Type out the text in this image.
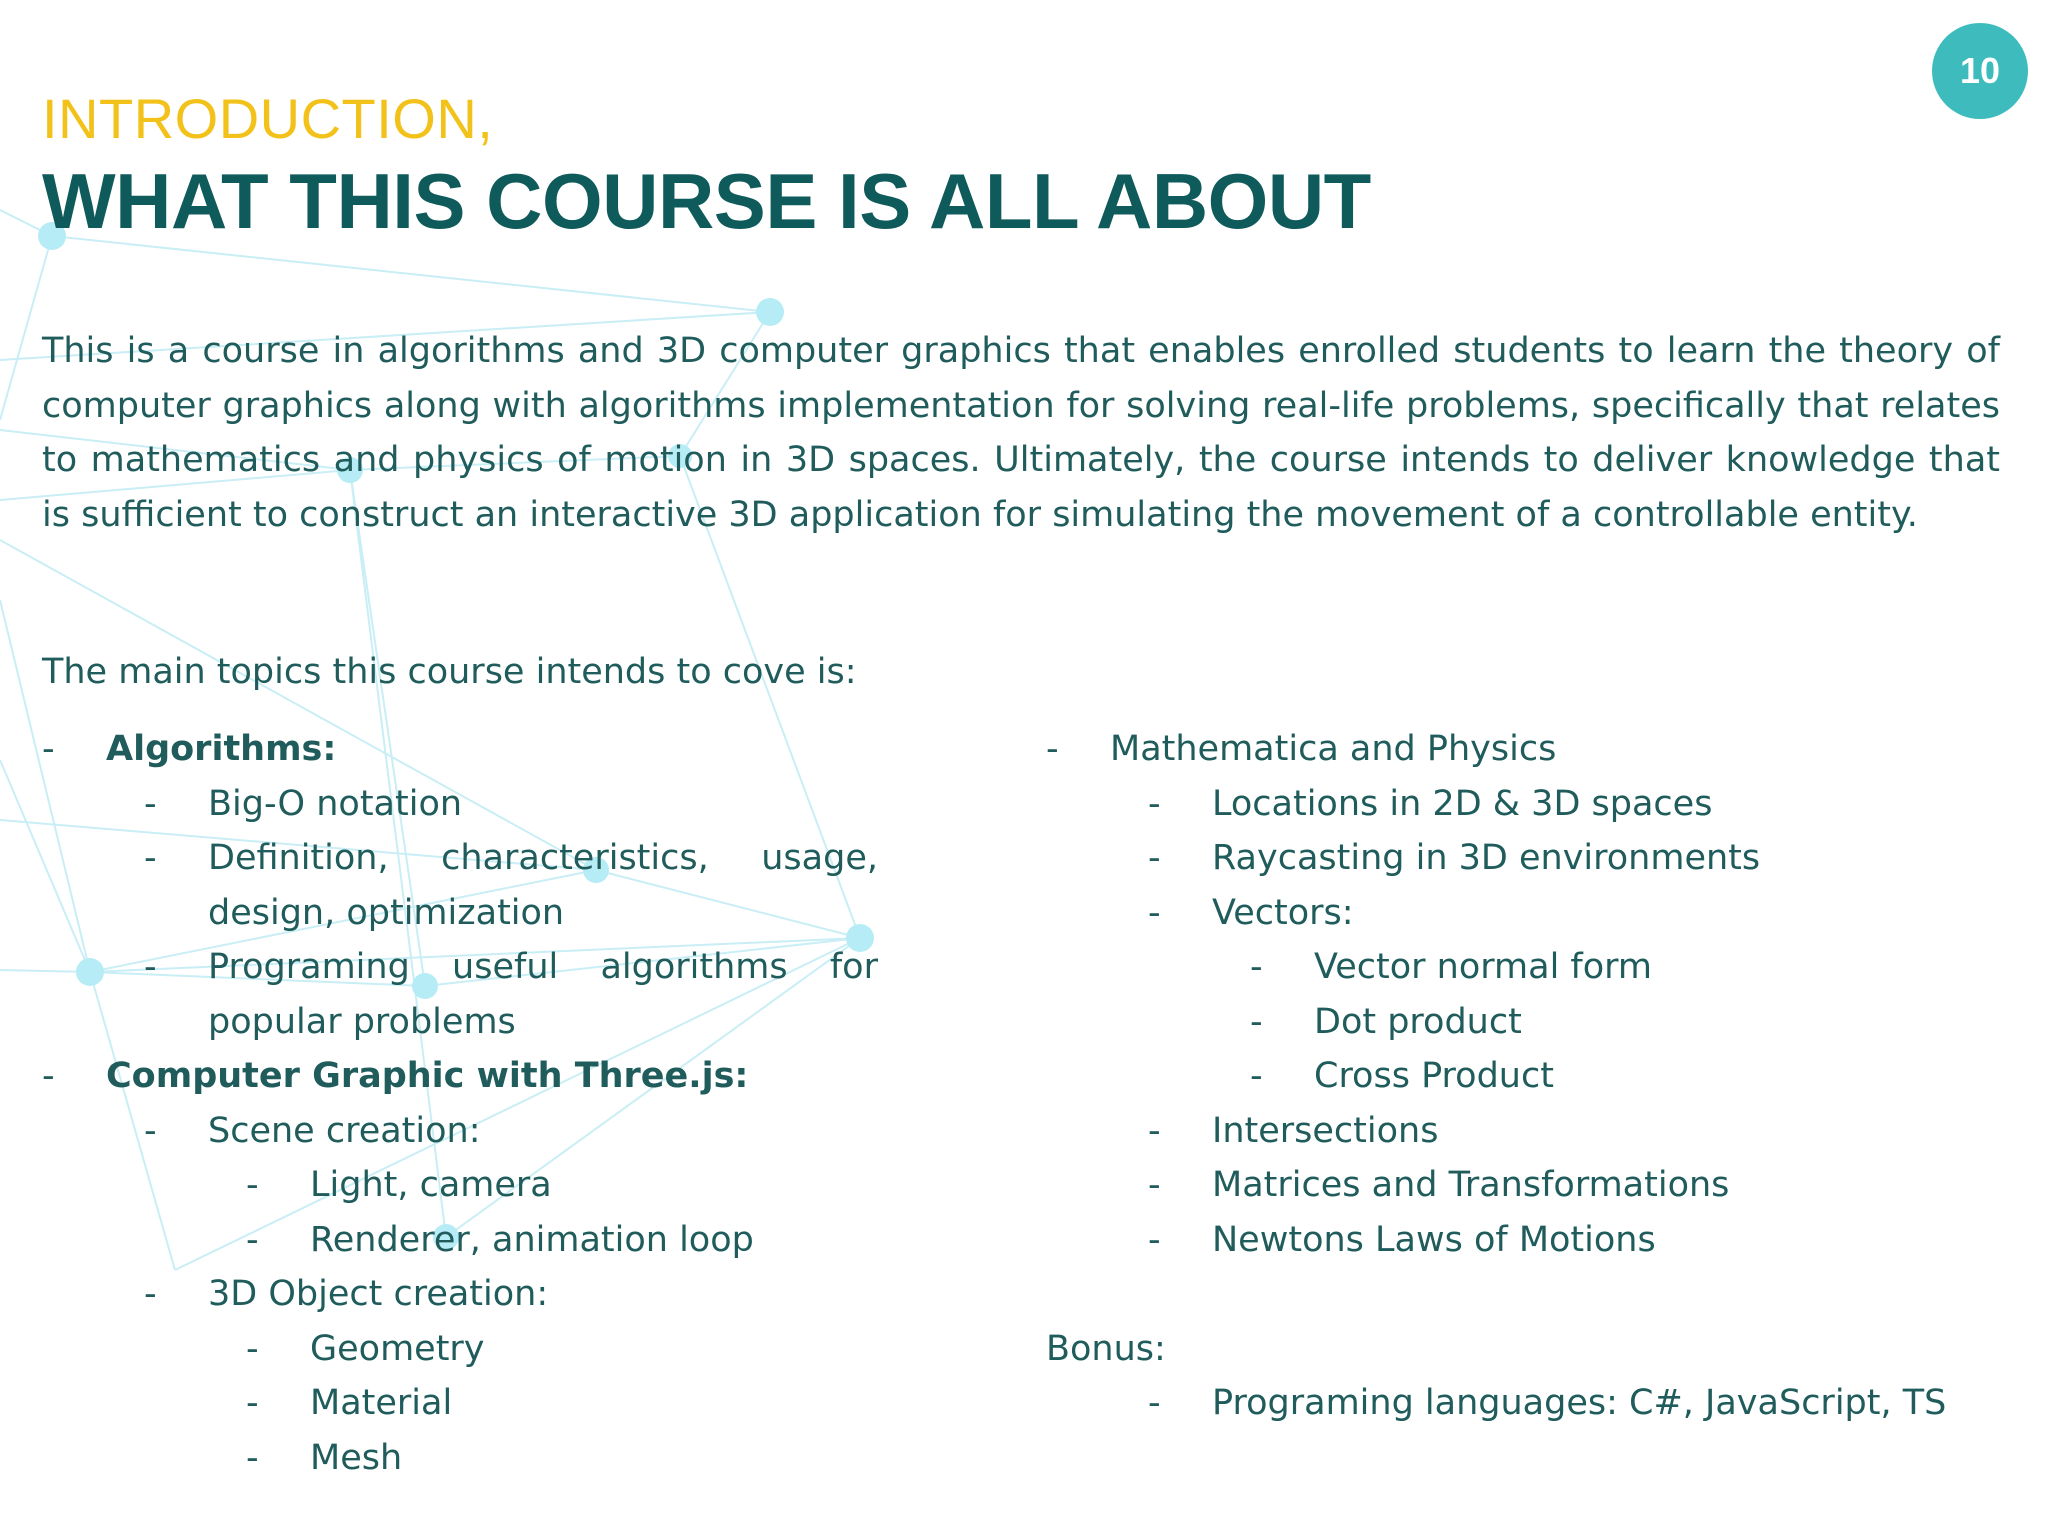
10
INTRODUCTION,
WHAT THIS COURSE IS ALL ABOUT

This is a course in algorithms and 3D computer graphics that enables enrolled students to learn the theory of computer graphics along with algorithms implementation for solving real-life problems, specifically that relates to mathematics and physics of motion in 3D spaces. Ultimately, the course intends to deliver knowledge that is sufficient to construct an interactive 3D application for simulating the movement of a controllable entity.

The main topics this course intends to cove is:
-	Algorithms:
-	Big-O notation
-	Definition, characteristics, usage, design, optimization
-	Programing useful algorithms for popular problems
-	Computer Graphic with Three.js:
-	Scene creation:
-	Light, camera
-	Renderer, animation loop
-	3D Object creation:
-	Geometry
-	Material
-	Mesh
-	Mathematica and Physics
-	Locations in 2D & 3D spaces
-	Raycasting in 3D environments
-	Vectors:
-	Vector normal form
-	Dot product
-	Cross Product
-	Intersections
-	Matrices and Transformations
-	Newtons Laws of Motions
Bonus:
-	Programing languages: C#, JavaScript, TS
